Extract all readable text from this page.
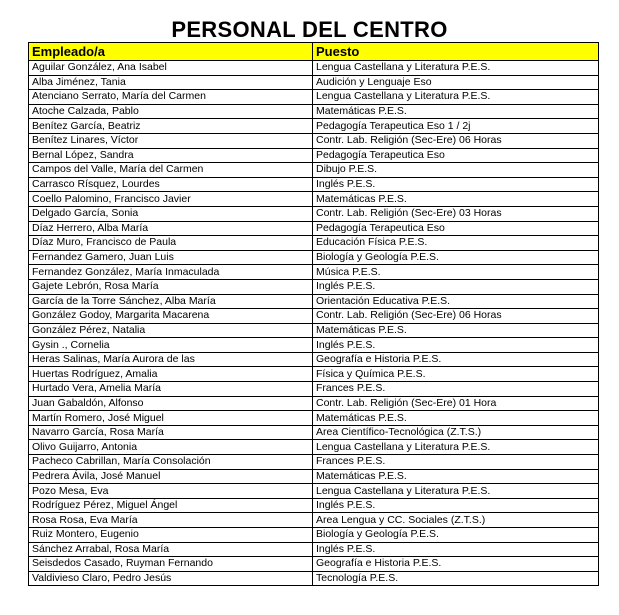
PERSONAL DEL CENTRO
Empleado/a	Puesto
Aguilar González, Ana Isabel	Lengua Castellana y Literatura P.E.S.
Alba Jiménez, Tania	Audición y Lenguaje Eso
Atenciano Serrato, María del Carmen	Lengua Castellana y Literatura P.E.S.
Atoche Calzada, Pablo	Matemáticas P.E.S.
Benítez García, Beatriz	Pedagogía Terapeutica Eso 1 / 2j
Benítez Linares, Víctor	Contr. Lab. Religión (Sec-Ere) 06 Horas
Bernal López, Sandra	Pedagogía Terapeutica Eso
Campos del Valle, María del Carmen	Dibujo P.E.S.
Carrasco Rísquez, Lourdes	Inglés P.E.S.
Coello Palomino, Francisco Javier	Matemáticas P.E.S.
Delgado García, Sonia	Contr. Lab. Religión (Sec-Ere) 03 Horas
Díaz Herrero, Alba María	Pedagogía Terapeutica Eso
Díaz Muro, Francisco de Paula	Educación Física P.E.S.
Fernandez Gamero, Juan Luis	Biología y Geología P.E.S.
Fernandez González, María Inmaculada	Música P.E.S.
Gajete Lebrón, Rosa María	Inglés P.E.S.
García de la Torre Sánchez, Alba María	Orientación Educativa P.E.S.
González Godoy, Margarita Macarena	Contr. Lab. Religión (Sec-Ere) 06 Horas
González Pérez, Natalia	Matemáticas P.E.S.
Gysin ., Cornelia	Inglés P.E.S.
Heras Salinas, María Aurora de las	Geografía e Historia P.E.S.
Huertas Rodríguez, Amalia	Física y Química P.E.S.
Hurtado Vera, Amelia María	Frances P.E.S.
Juan Gabaldón, Alfonso	Contr. Lab. Religión (Sec-Ere) 01 Hora
Martín Romero, José Miguel	Matemáticas P.E.S.
Navarro García, Rosa María	Area Científico-Tecnológica (Z.T.S.)
Olivo Guijarro, Antonia	Lengua Castellana y Literatura P.E.S.
Pacheco Cabrillan, María Consolación	Frances P.E.S.
Pedrera Ávila, José Manuel	Matemáticas P.E.S.
Pozo Mesa, Eva	Lengua Castellana y Literatura P.E.S.
Rodríguez Pérez, Miguel Ángel	Inglés P.E.S.
Rosa Rosa, Eva María	Area Lengua y CC. Sociales (Z.T.S.)
Ruiz Montero, Eugenio	Biología y Geología P.E.S.
Sánchez Arrabal, Rosa María	Inglés P.E.S.
Seisdedos Casado, Ruyman Fernando	Geografía e Historia P.E.S.
Valdivieso Claro, Pedro Jesús	Tecnología P.E.S.
